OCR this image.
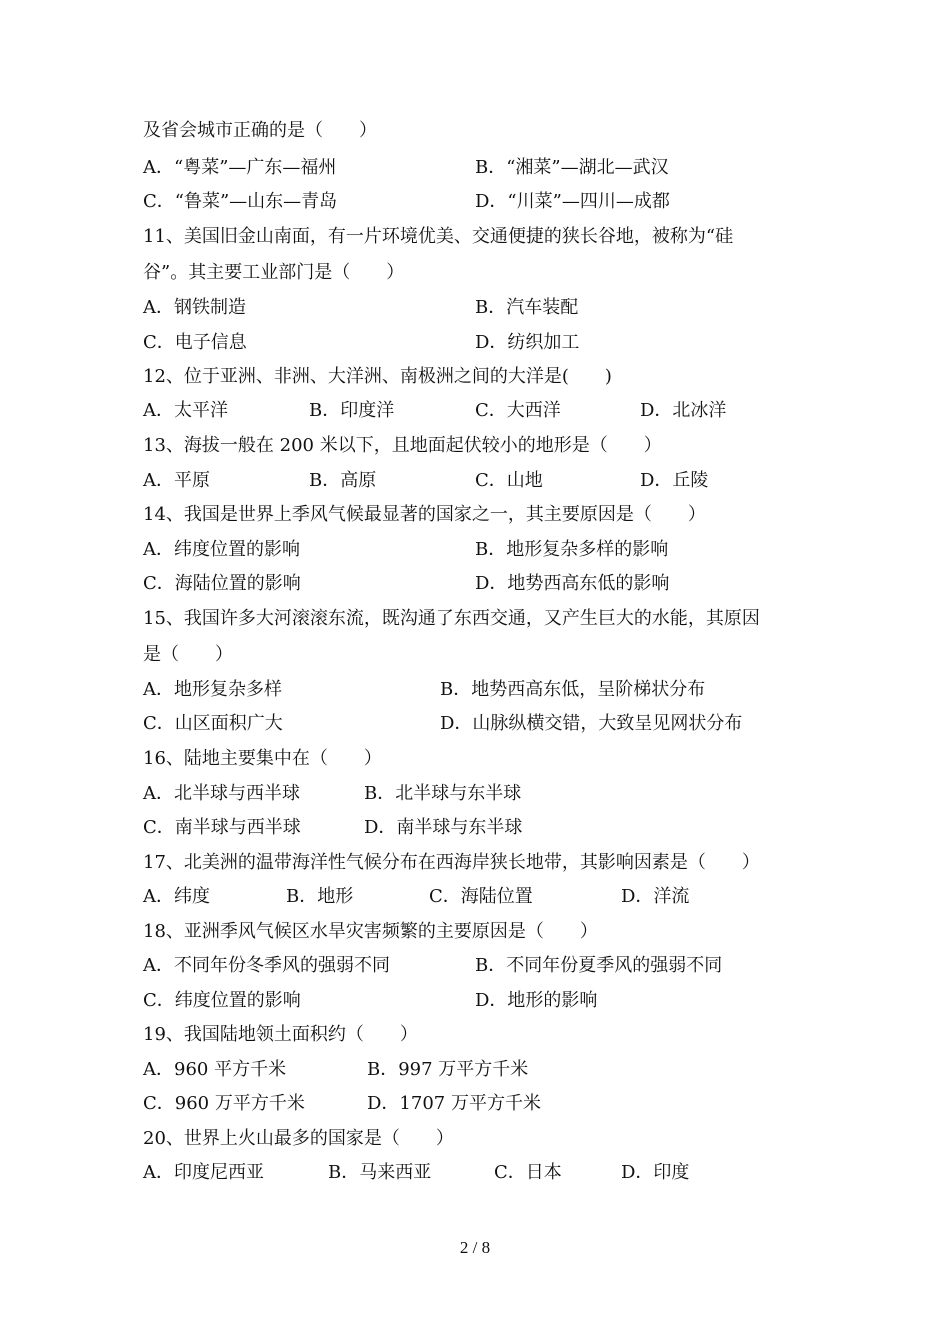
及省会城市正确的是（　　）
A．“粤菜”—广东—福州	B．“湘菜”—湖北—武汉
C．“鲁菜”—山东—青岛	D．“川菜”—四川—成都
11、美国旧金山南面，有一片环境优美、交通便捷的狭长谷地，被称为“硅
谷”。其主要工业部门是（　　）
A．钢铁制造	B．汽车装配
C．电子信息	D．纺织加工
12、位于亚洲、非洲、大洋洲、南极洲之间的大洋是(　　)
A．太平洋	B．印度洋	C．大西洋	D．北冰洋
13、海拔一般在 200 米以下，且地面起伏较小的地形是（　　）
A．平原	B．高原	C．山地	D．丘陵
14、我国是世界上季风气候最显著的国家之一，其主要原因是（　　）
A．纬度位置的影响	B．地形复杂多样的影响
C．海陆位置的影响	D．地势西高东低的影响
15、我国许多大河滚滚东流，既沟通了东西交通，又产生巨大的水能，其原因
是（　　）
A．地形复杂多样	B．地势西高东低，呈阶梯状分布
C．山区面积广大	D．山脉纵横交错，大致呈见网状分布
16、陆地主要集中在（　　）
A．北半球与西半球	B．北半球与东半球
C．南半球与西半球	D．南半球与东半球
17、北美洲的温带海洋性气候分布在西海岸狭长地带，其影响因素是（　　）
A．纬度	B．地形	C．海陆位置	D．洋流
18、亚洲季风气候区水旱灾害频繁的主要原因是（　　）
A．不同年份冬季风的强弱不同	B．不同年份夏季风的强弱不同
C．纬度位置的影响	D．地形的影响
19、我国陆地领土面积约（　　）
A．960 平方千米	B．997 万平方千米
C．960 万平方千米	D．1707 万平方千米
20、世界上火山最多的国家是（　　）
A．印度尼西亚	B．马来西亚	C．日本	D．印度
2 / 8
